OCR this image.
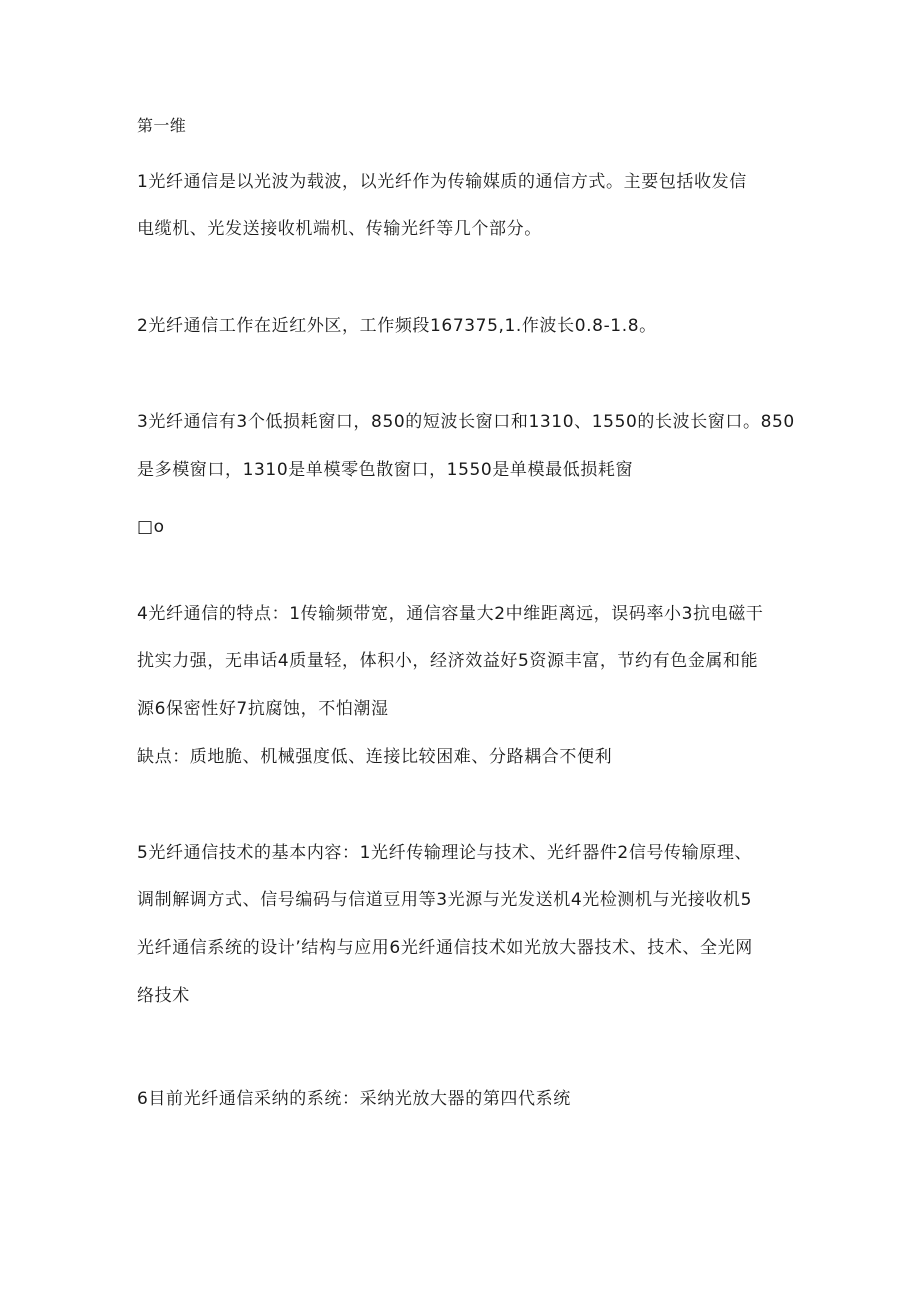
第一维
1光纤通信是以光波为载波，以光纤作为传输媒质的通信方式。主要包括收发信
电缆机、光发送接收机端机、传输光纤等几个部分。
2光纤通信工作在近红外区，工作频段167375,1.作波长0.8-1.8。
3光纤通信有3个低损耗窗口，850的短波长窗口和1310、1550的长波长窗口。850
是多模窗口，1310是单模零色散窗口，1550是单模最低损耗窗
□o
4光纤通信的特点：1传输频带宽，通信容量大2中维距离远，误码率小3抗电磁干
扰实力强，无串话4质量轻，体积小，经济效益好5资源丰富，节约有色金属和能
源6保密性好7抗腐蚀，不怕潮湿
缺点：质地脆、机械强度低、连接比较困难、分路耦合不便利
5光纤通信技术的基本内容：1光纤传输理论与技术、光纤器件2信号传输原理、
调制解调方式、信号编码与信道豆用等3光源与光发送机4光检测机与光接收机5
光纤通信系统的设计’结构与应用6光纤通信技术如光放大器技术、技术、全光网
络技术
6目前光纤通信采纳的系统：采纳光放大器的第四代系统
